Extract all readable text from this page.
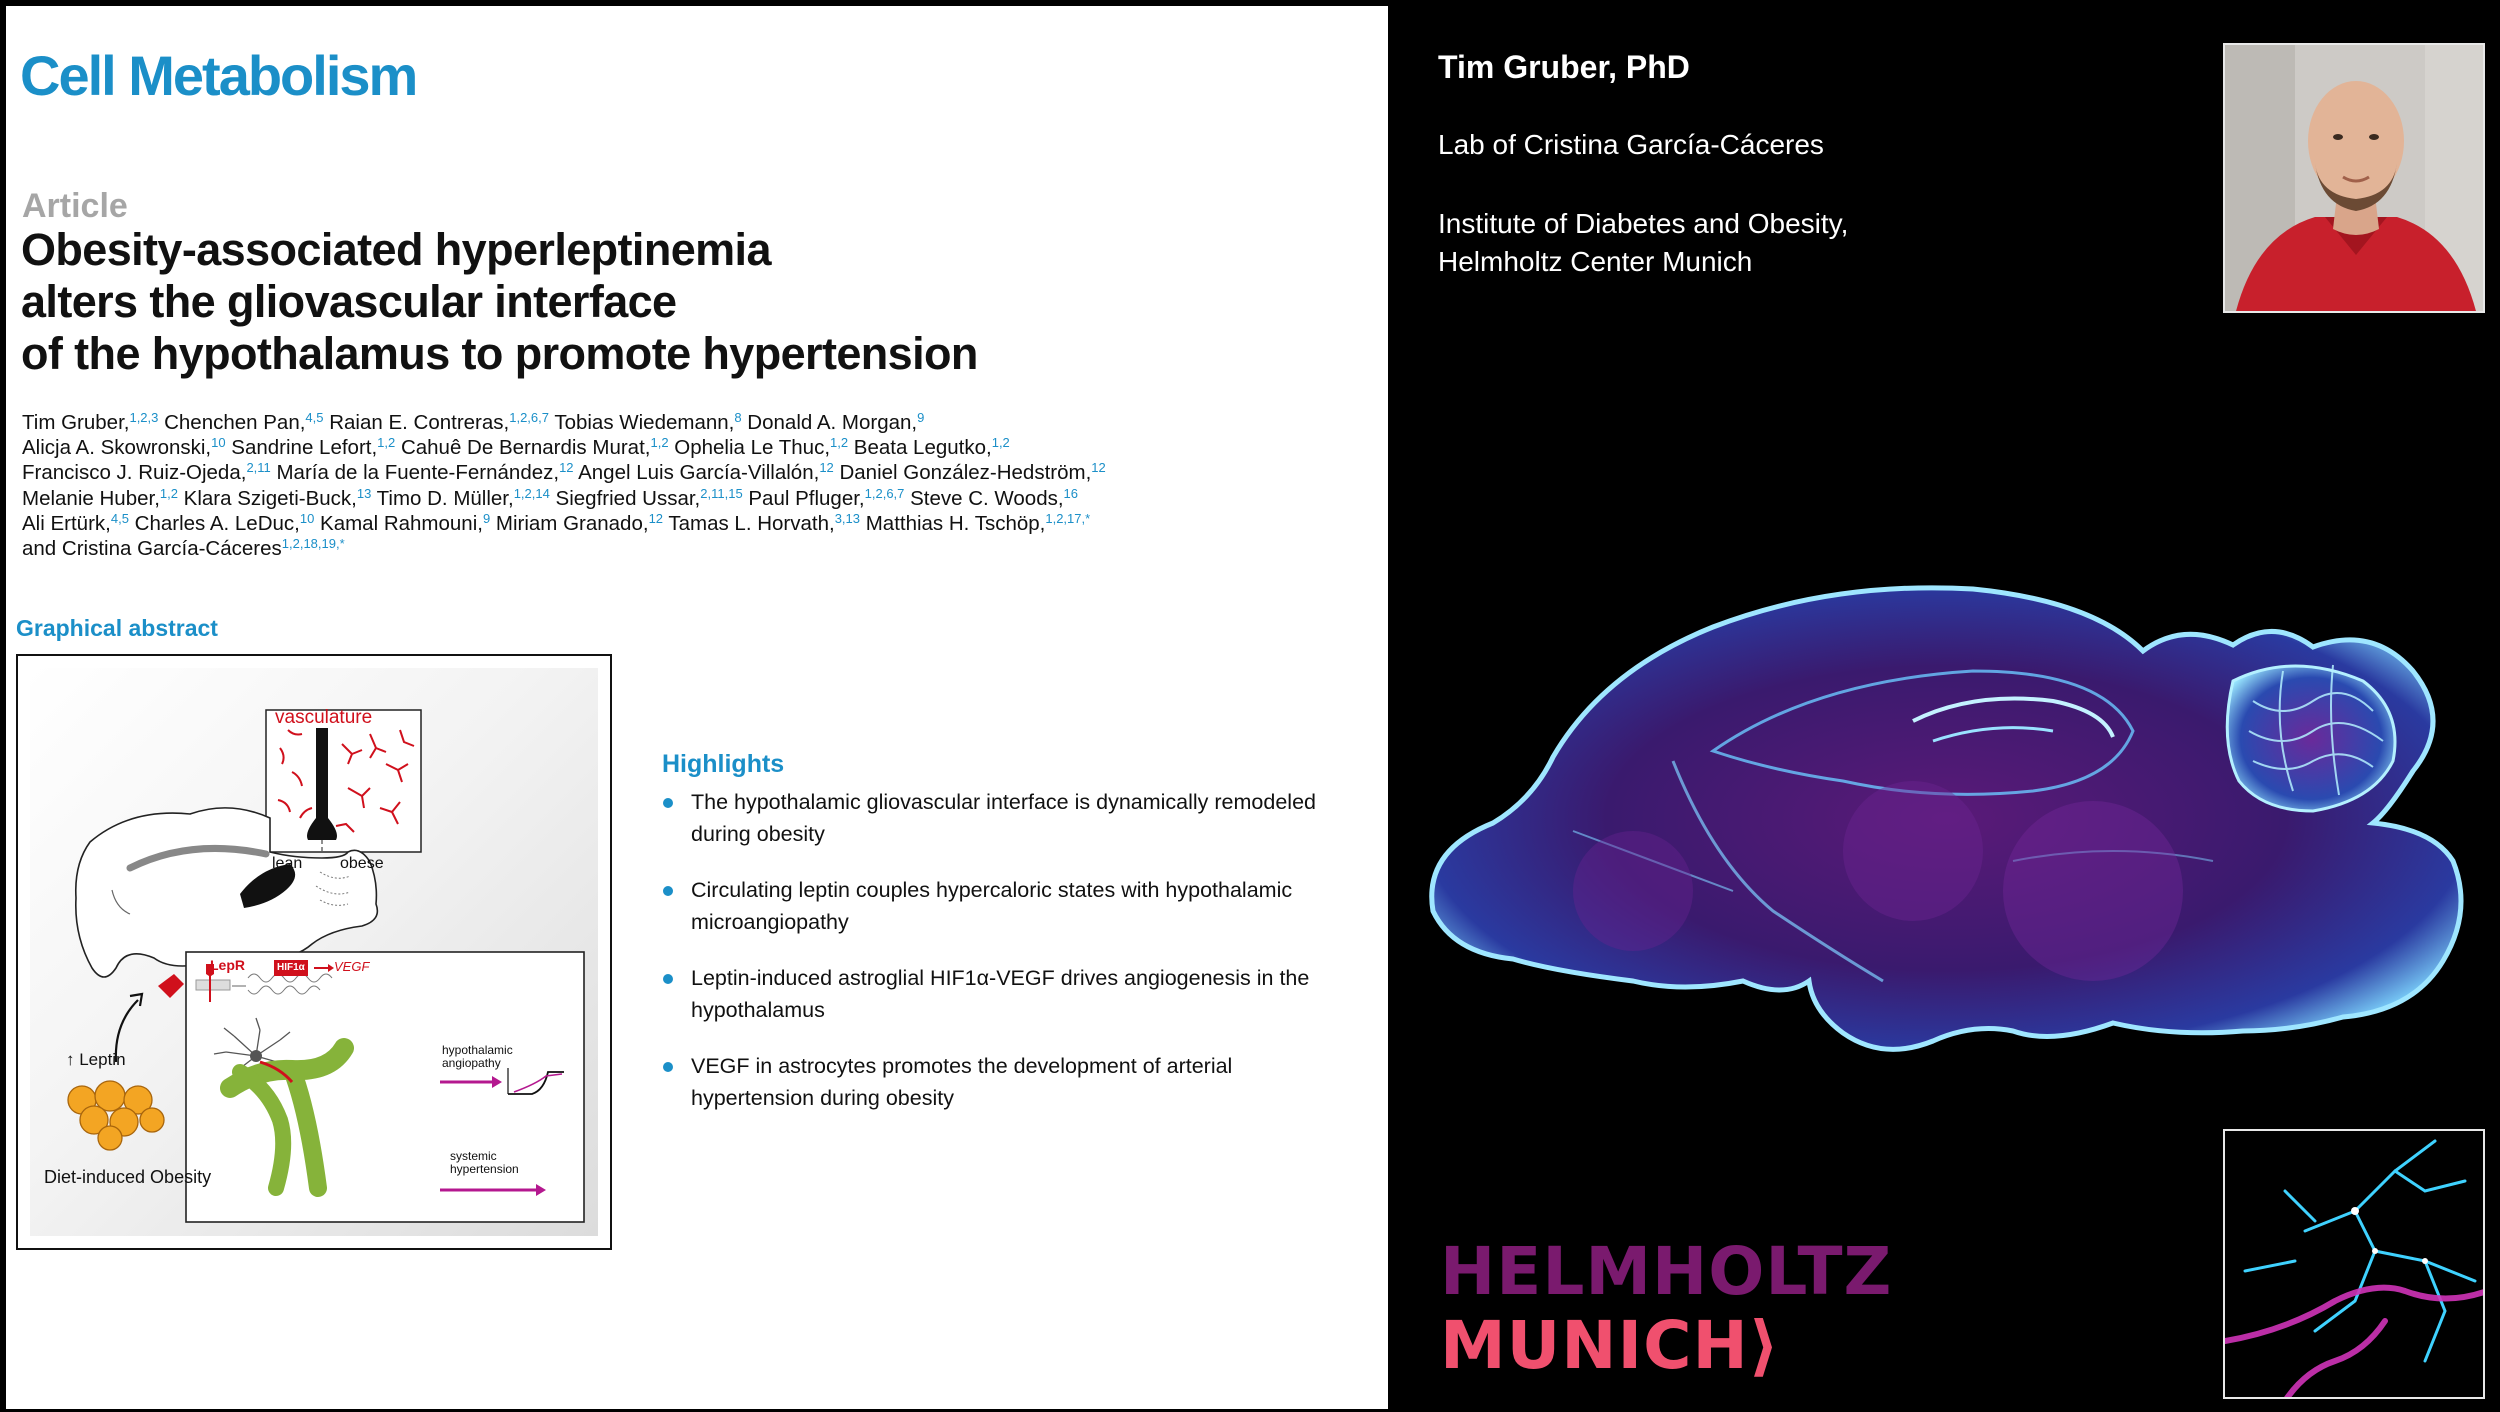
Cell Metabolism
Article
Obesity-associated hyperleptinemia
alters the gliovascular interface
of the hypothalamus to promote hypertension
Tim Gruber,$^{1,2,3}$ Chenchen Pan,$^{4,5}$ Raian E. Contreras,$^{1,2,6,7}$ Tobias Wiedemann,$^8$ Donald A. Morgan,$^9$
Alicja A. Skowronski,$^{10}$ Sandrine Lefort,$^{1,2}$ Cahuê De Bernardis Murat,$^{1,2}$ Ophelia Le Thuc,$^{1,2}$ Beata Legutko,$^{1,2}$
Francisco J. Ruiz-Ojeda,$^{2,11}$ María de la Fuente-Fernández,$^{12}$ Angel Luis García-Villalón,$^{12}$ Daniel González-Hedström,$^{12}$
Melanie Huber,$^{1,2}$ Klara Szigeti-Buck,$^{13}$ Timo D. Müller,$^{1,2,14}$ Siegfried Ussar,$^{2,11,15}$ Paul Pfluger,$^{1,2,6,7}$ Steve C. Woods,$^{16}$
Ali Ertürk,$^{4,5}$ Charles A. LeDuc,$^{10}$ Kamal Rahmouni,$^9$ Miriam Granado,$^{12}$ Tamas L. Horvath,$^{3,13}$ Matthias H. Tschöp,$^{1,2,17,*}$
and Cristina García-Cáceres$^{1,2,18,19,*}$
Graphical abstract
vasculature
lean obese
LepR	HIF1α VEGF
hypothalamic angiopathy
systemic hypertension
↑ Leptin
Diet-induced Obesity
Highlights
The hypothalamic gliovascular interface is dynamically remodeled during obesity
Circulating leptin couples hypercaloric states with hypothalamic microangiopathy
Leptin-induced astroglial HIF1α-VEGF drives angiogenesis in the hypothalamus
VEGF in astrocytes promotes the development of arterial hypertension during obesity
Tim Gruber, PhD
Lab of Cristina García-Cáceres
Institute of Diabetes and Obesity,
Helmholtz Center Munich
HELMHOLTZ
MUNICH⟩
